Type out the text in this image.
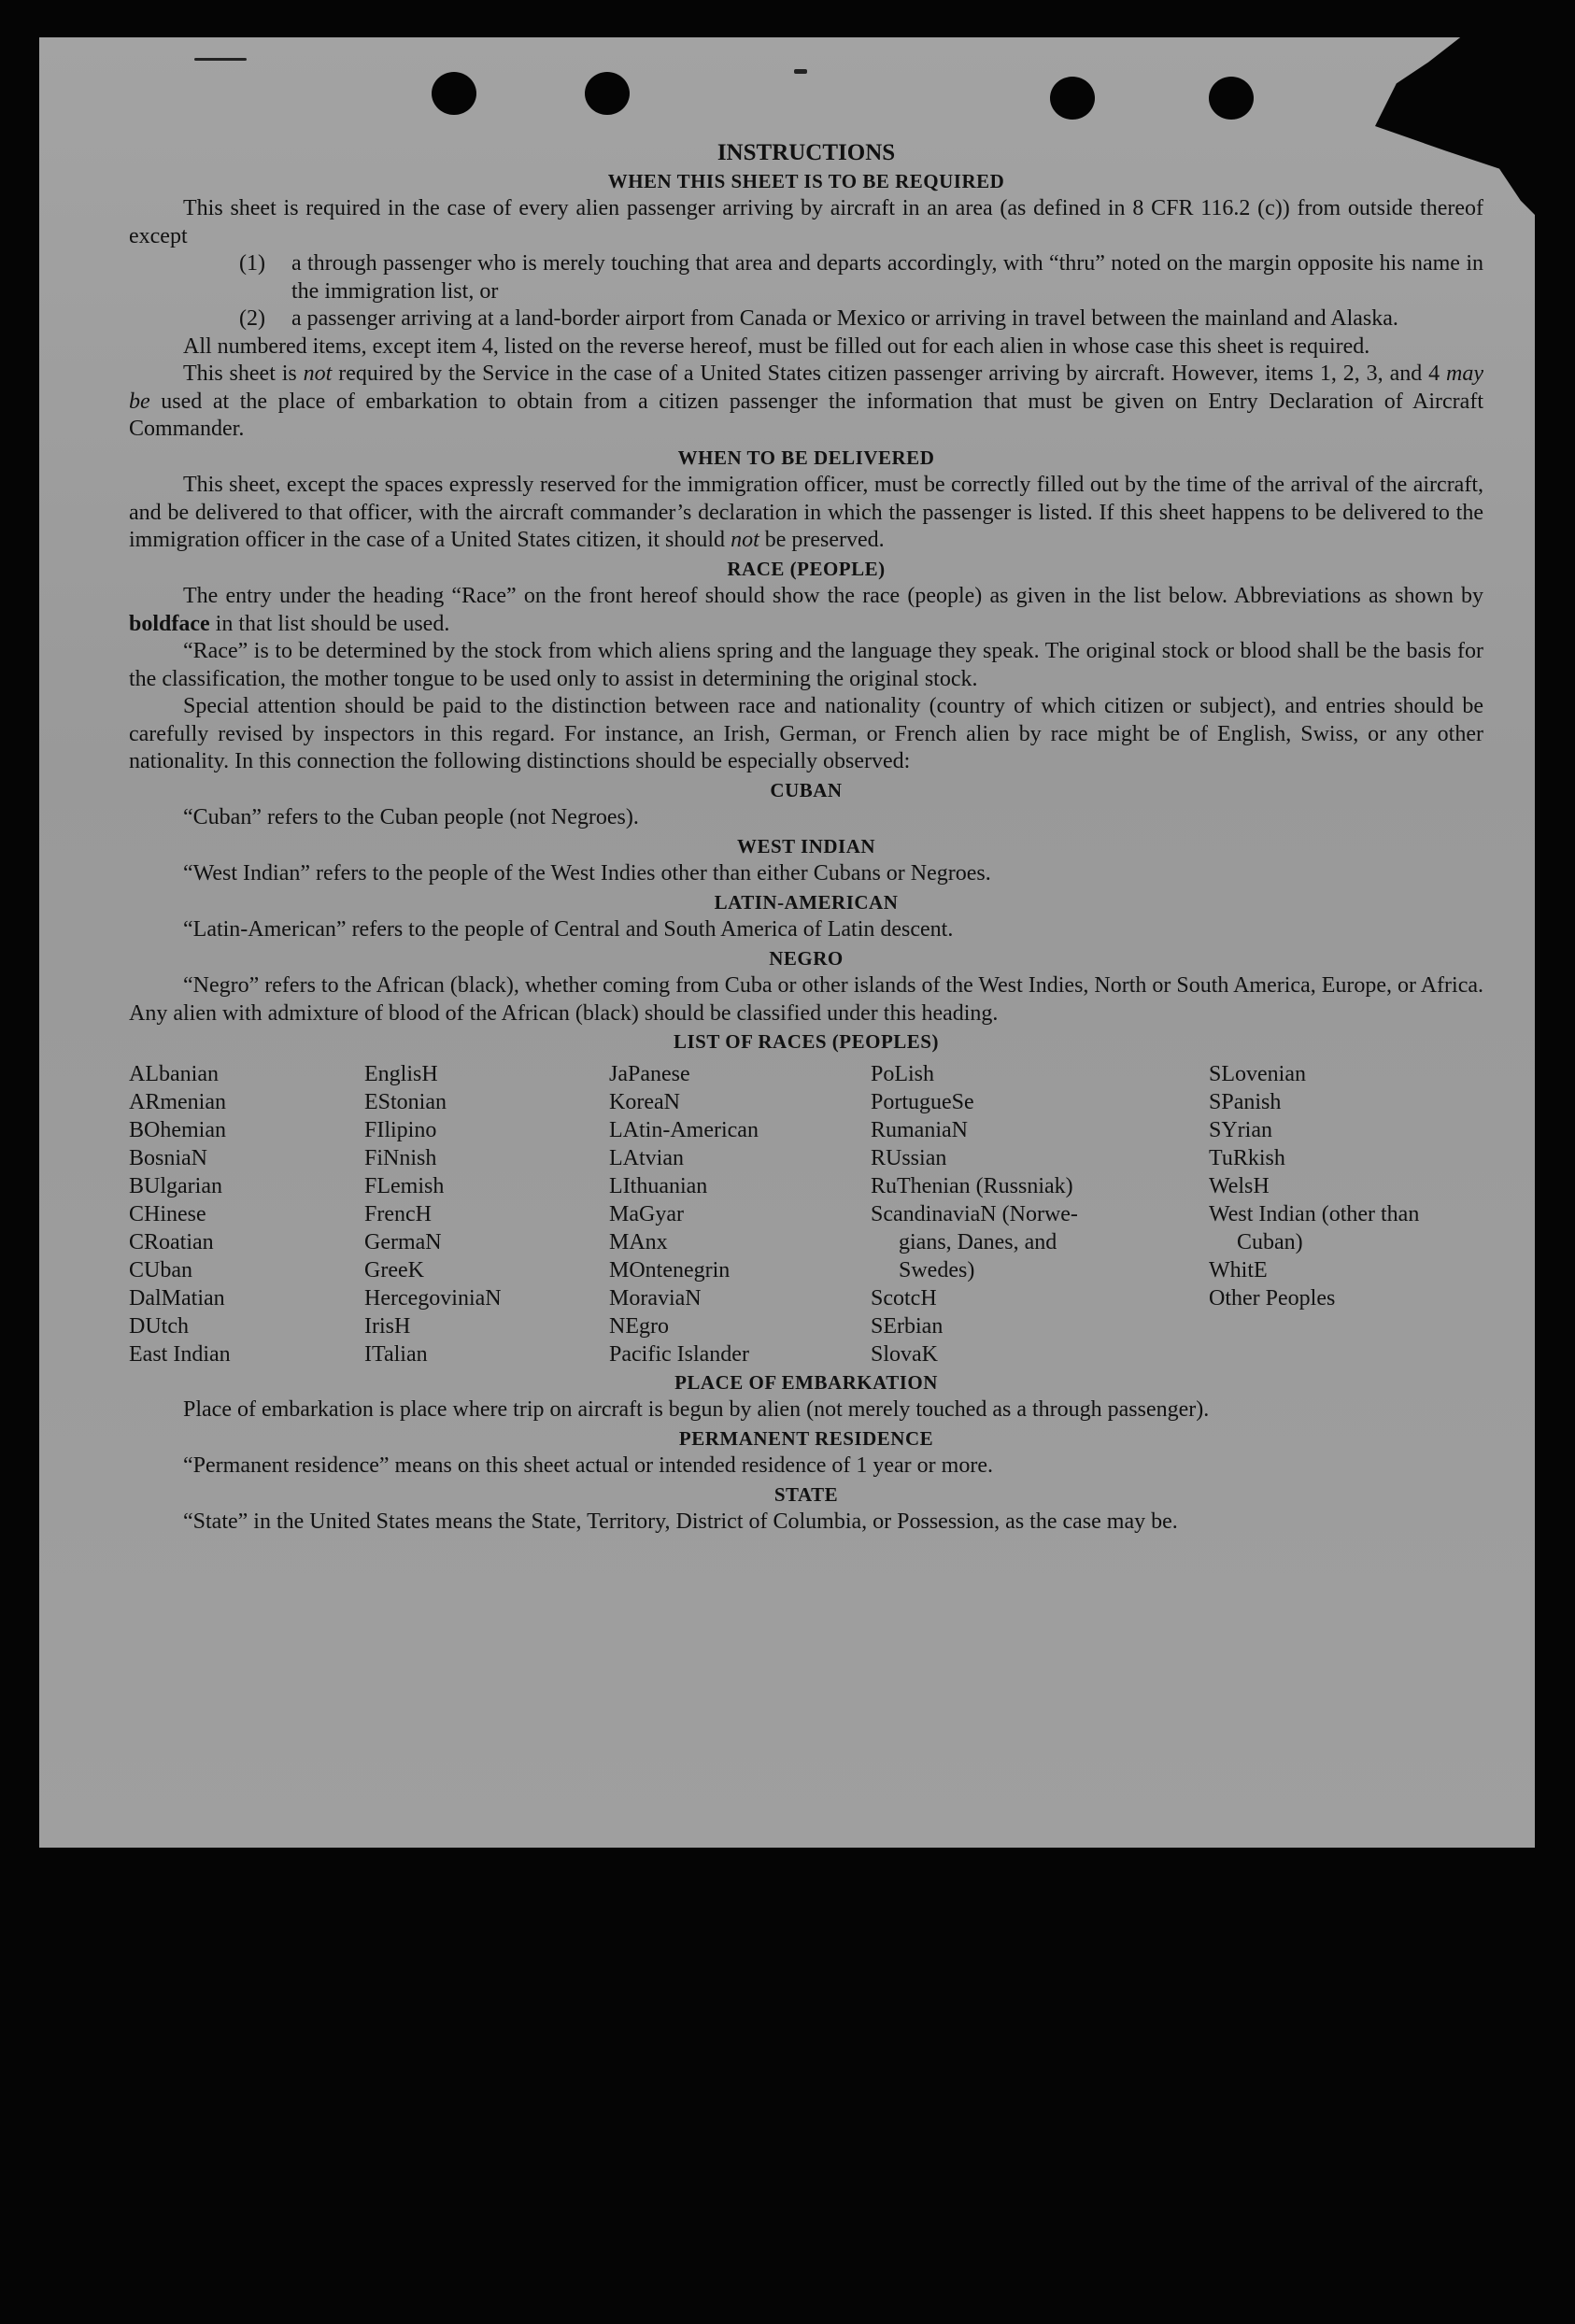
INSTRUCTIONS
WHEN THIS SHEET IS TO BE REQUIRED

This sheet is required in the case of every alien passenger arriving by aircraft in an area (as defined in 8 CFR 116.2 (c)) from outside thereof except

(1)	a through passenger who is merely touching that area and departs accordingly, with “thru” noted on the margin opposite his name in the immigration list, or
(2)	a passenger arriving at a land-border airport from Canada or Mexico or arriving in travel between the mainland and Alaska.

All numbered items, except item 4, listed on the reverse hereof, must be filled out for each alien in whose case this sheet is required.

This sheet is not required by the Service in the case of a United States citizen passenger arriving by aircraft. However, items 1, 2, 3, and 4 may be used at the place of embarkation to obtain from a citizen passenger the information that must be given on Entry Declaration of Aircraft Commander.

WHEN TO BE DELIVERED

This sheet, except the spaces expressly reserved for the immigration officer, must be correctly filled out by the time of the arrival of the aircraft, and be delivered to that officer, with the aircraft commander’s declaration in which the passenger is listed. If this sheet happens to be delivered to the immigration officer in the case of a United States citizen, it should not be preserved.

RACE (PEOPLE)

The entry under the heading “Race” on the front hereof should show the race (people) as given in the list below. Abbreviations as shown by boldface in that list should be used.

“Race” is to be determined by the stock from which aliens spring and the language they speak. The original stock or blood shall be the basis for the classification, the mother tongue to be used only to assist in determining the original stock.

Special attention should be paid to the distinction between race and nationality (country of which citizen or subject), and entries should be carefully revised by inspectors in this regard. For instance, an Irish, German, or French alien by race might be of English, Swiss, or any other nationality. In this connection the following distinctions should be especially observed:

CUBAN

“Cuban” refers to the Cuban people (not Negroes).

WEST INDIAN

“West Indian” refers to the people of the West Indies other than either Cubans or Negroes.

LATIN-AMERICAN

“Latin-American” refers to the people of Central and South America of Latin descent.

NEGRO

“Negro” refers to the African (black), whether coming from Cuba or other islands of the West Indies, North or South America, Europe, or Africa. Any alien with admixture of blood of the African (black) should be classified under this heading.

LIST OF RACES (PEOPLES)
ALbanian
ARmenian
BOhemian
BosniaN
BUlgarian
CHinese
CRoatian
CUban
DalMatian
DUtch
East Indian
EnglisH
EStonian
FIlipino
FiNnish
FLemish
FrencH
GermaN
GreeK
HercegoviniaN
IrisH
ITalian
JaPanese
KoreaN
LAtin-American
LAtvian
LIthuanian
MaGyar
MAnx
MOntenegrin
MoraviaN
NEgro
Pacific Islander
PoLish
PortugueSe
RumaniaN
RUssian
RuThenian (Russniak)
ScandinaviaN (Norwe-
gians, Danes, and
Swedes)
ScotcH
SErbian
SlovaK
SLovenian
SPanish
SYrian
TuRkish
WelsH
West Indian (other than Cuban)
WhitE
Other Peoples
PLACE OF EMBARKATION

Place of embarkation is place where trip on aircraft is begun by alien (not merely touched as a through passenger).

PERMANENT RESIDENCE

“Permanent residence” means on this sheet actual or intended residence of 1 year or more.

STATE

“State” in the United States means the State, Territory, District of Columbia, or Possession, as the case may be.
